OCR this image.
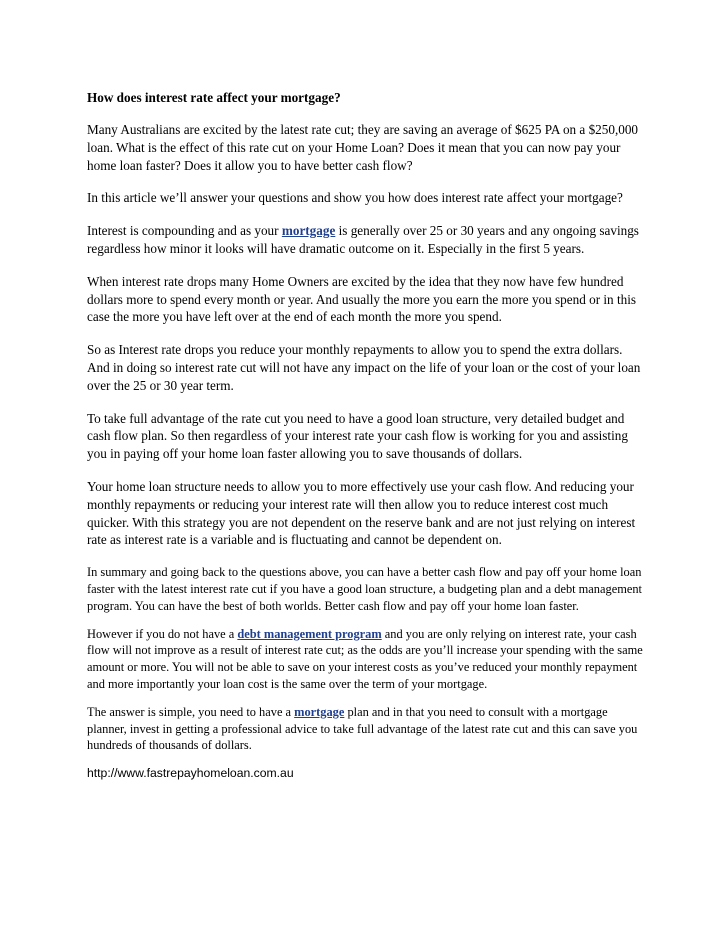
How does interest rate affect your mortgage?

Many Australians are excited by the latest rate cut; they are saving an average of $625 PA on a $250,000 loan. What is the effect of this rate cut on your Home Loan? Does it mean that you can now pay your home loan faster? Does it allow you to have better cash flow?

In this article we’ll answer your questions and show you how does interest rate affect your mortgage?

Interest is compounding and as your mortgage is generally over 25 or 30 years and any ongoing savings regardless how minor it looks will have dramatic outcome on it. Especially in the first 5 years.

When interest rate drops many Home Owners are excited by the idea that they now have few hundred dollars more to spend every month or year. And usually the more you earn the more you spend or in this case the more you have left over at the end of each month the more you spend.

So as Interest rate drops you reduce your monthly repayments to allow you to spend the extra dollars. And in doing so interest rate cut will not have any impact on the life of your loan or the cost of your loan over the 25 or 30 year term.

To take full advantage of the rate cut you need to have a good loan structure, very detailed budget and cash flow plan. So then regardless of your interest rate your cash flow is working for you and assisting you in paying off your home loan faster allowing you to save thousands of dollars.

Your home loan structure needs to allow you to more effectively use your cash flow. And reducing your monthly repayments or reducing your interest rate will then allow you to reduce interest cost much quicker. With this strategy you are not dependent on the reserve bank and are not just relying on interest rate as interest rate is a variable and is fluctuating and cannot be dependent on.

In summary and going back to the questions above, you can have a better cash flow and pay off your home loan faster with the latest interest rate cut if you have a good loan structure, a budgeting plan and a debt management program. You can have the best of both worlds. Better cash flow and pay off your home loan faster.

However if you do not have a debt management program and you are only relying on interest rate, your cash flow will not improve as a result of interest rate cut; as the odds are you’ll increase your spending with the same amount or more. You will not be able to save on your interest costs as you’ve reduced your monthly repayment and more importantly your loan cost is the same over the term of your mortgage.

The answer is simple, you need to have a mortgage plan and in that you need to consult with a mortgage planner, invest in getting a professional advice to take full advantage of the latest rate cut and this can save you hundreds of thousands of dollars.

http://www.fastrepayhomeloan.com.au
